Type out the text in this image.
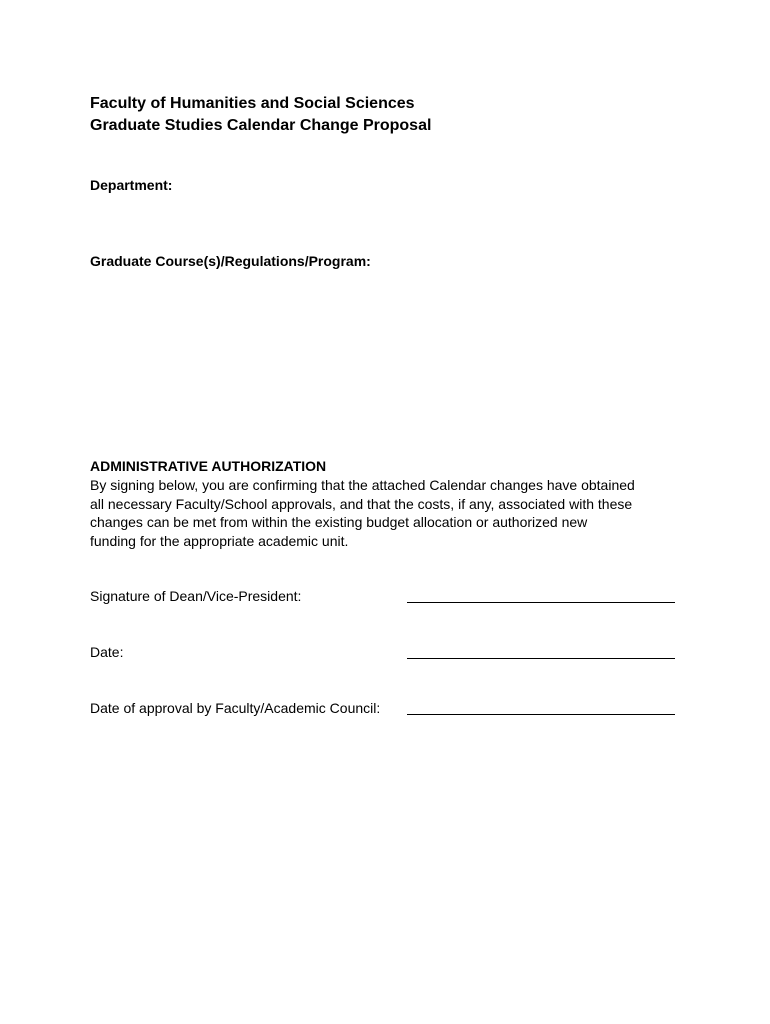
Faculty of Humanities and Social Sciences
Graduate Studies Calendar Change Proposal
Department:
Graduate Course(s)/Regulations/Program:
ADMINISTRATIVE AUTHORIZATION
By signing below, you are confirming that the attached Calendar changes have obtained
all necessary Faculty/School approvals, and that the costs, if any, associated with these
changes can be met from within the existing budget allocation or authorized new
funding for the appropriate academic unit.
Signature of Dean/Vice-President:
Date:
Date of approval by Faculty/Academic Council:
